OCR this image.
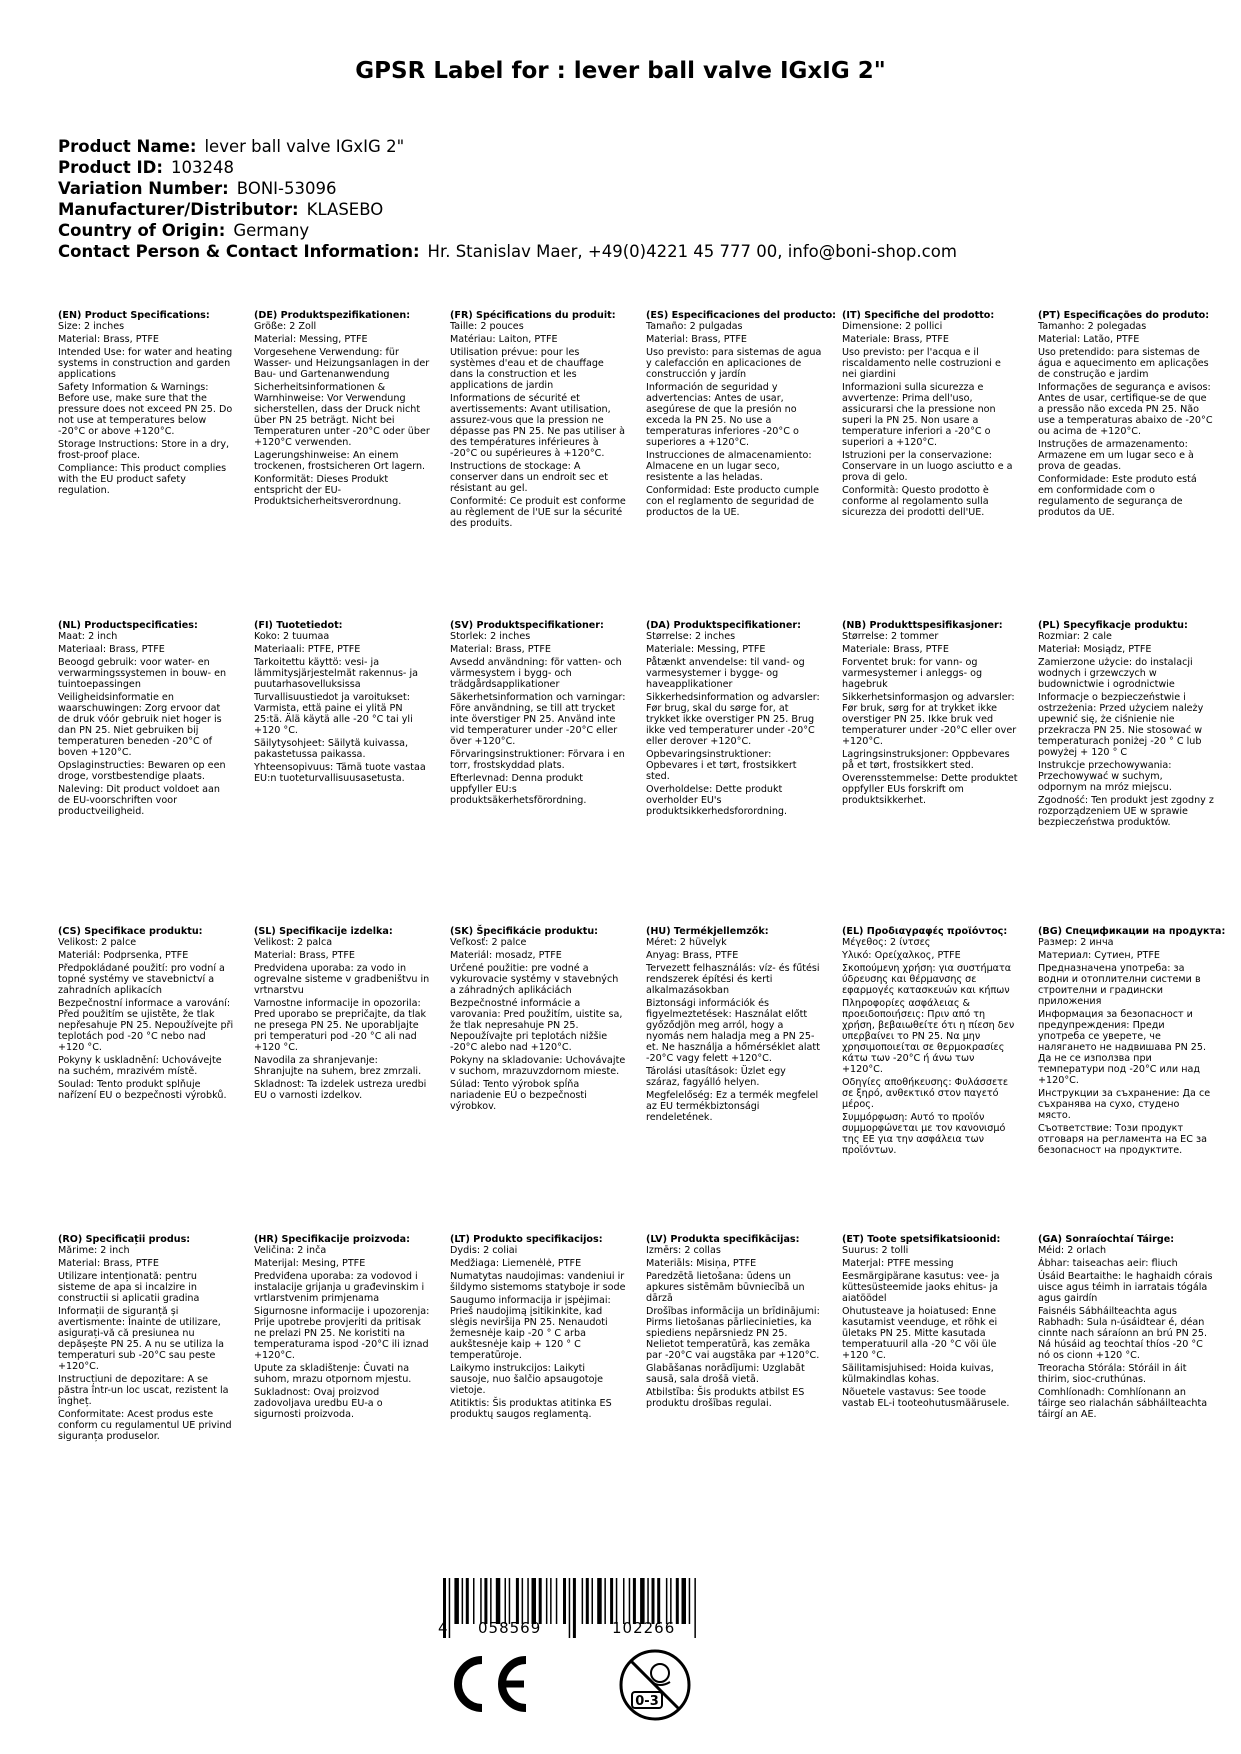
GPSR Label for : lever ball valve IGxIG 2"
Product Name: lever ball valve IGxIG 2"
Product ID: 103248
Variation Number: BONI-53096
Manufacturer/Distributor: KLASEBO
Country of Origin: Germany
Contact Person & Contact Information: Hr. Stanislav Maer, +49(0)4221 45 777 00, info@boni-shop.com
(EN) Product Specifications:

Size: 2 inches

Material: Brass, PTFE

Intended Use: for water and heating systems in construction and garden applications

Safety Information & Warnings: Before use, make sure that the pressure does not exceed PN 25. Do not use at temperatures below -20°C or above +120°C.

Storage Instructions: Store in a dry, frost-proof place.

Compliance: This product complies with the EU product safety regulation.

(DE) Produktspezifikationen:

Größe: 2 Zoll

Material: Messing, PTFE

Vorgesehene Verwendung: für Wasser- und Heizungsanlagen in der Bau- und Gartenanwendung

Sicherheitsinformationen & Warnhinweise: Vor Verwendung sicherstellen, dass der Druck nicht über PN 25 beträgt. Nicht bei Temperaturen unter -20°C oder über +120°C verwenden.

Lagerungshinweise: An einem trockenen, frostsicheren Ort lagern.

Konformität: Dieses Produkt entspricht der EU-Produktsicherheitsverordnung.

(FR) Spécifications du produit:

Taille: 2 pouces

Matériau: Laiton, PTFE

Utilisation prévue: pour les systèmes d'eau et de chauffage dans la construction et les applications de jardin

Informations de sécurité et avertissements: Avant utilisation, assurez-vous que la pression ne dépasse pas PN 25. Ne pas utiliser à des températures inférieures à -20°C ou supérieures à +120°C.

Instructions de stockage: A conserver dans un endroit sec et résistant au gel.

Conformité: Ce produit est conforme au règlement de l'UE sur la sécurité des produits.

(ES) Especificaciones del producto:

Tamaño: 2 pulgadas

Material: Brass, PTFE

Uso previsto: para sistemas de agua y calefacción en aplicaciones de construcción y jardín

Información de seguridad y advertencias: Antes de usar, asegúrese de que la presión no exceda la PN 25. No use a temperaturas inferiores -20°C o superiores a +120°C.

Instrucciones de almacenamiento: Almacene en un lugar seco, resistente a las heladas.

Conformidad: Este producto cumple con el reglamento de seguridad de productos de la UE.

(IT) Specifiche del prodotto:

Dimensione: 2 pollici

Materiale: Brass, PTFE

Uso previsto: per l'acqua e il riscaldamento nelle costruzioni e nei giardini

Informazioni sulla sicurezza e avvertenze: Prima dell'uso, assicurarsi che la pressione non superi la PN 25. Non usare a temperature inferiori a -20°C o superiori a +120°C.

Istruzioni per la conservazione: Conservare in un luogo asciutto e a prova di gelo.

Conformità: Questo prodotto è conforme al regolamento sulla sicurezza dei prodotti dell'UE.

(PT) Especificações do produto:

Tamanho: 2 polegadas

Material: Latão, PTFE

Uso pretendido: para sistemas de água e aquecimento em aplicações de construção e jardim

Informações de segurança e avisos: Antes de usar, certifique-se de que a pressão não exceda PN 25. Não use a temperaturas abaixo de -20°C ou acima de +120°C.

Instruções de armazenamento: Armazene em um lugar seco e à prova de geadas.

Conformidade: Este produto está em conformidade com o regulamento de segurança de produtos da UE.

(NL) Productspecificaties:

Maat: 2 inch

Materiaal: Brass, PTFE

Beoogd gebruik: voor water- en verwarmingssystemen in bouw- en tuintoepassingen

Veiligheidsinformatie en waarschuwingen: Zorg ervoor dat de druk vóór gebruik niet hoger is dan PN 25. Niet gebruiken bij temperaturen beneden -20°C of boven +120°C.

Opslaginstructies: Bewaren op een droge, vorstbestendige plaats.

Naleving: Dit product voldoet aan de EU-voorschriften voor productveiligheid.

(FI) Tuotetiedot:

Koko: 2 tuumaa

Materiaali: PTFE, PTFE

Tarkoitettu käyttö: vesi- ja lämmitysjärjestelmät rakennus- ja puutarhasovelluksissa

Turvallisuustiedot ja varoitukset: Varmista, että paine ei ylitä PN 25:tä. Älä käytä alle -20 °C tai yli +120 °C.

Säilytysohjeet: Säilytä kuivassa, pakastetussa paikassa.

Yhteensopivuus: Tämä tuote vastaa EU:n tuoteturvallisuusasetusta.

(SV) Produktspecifikationer:

Storlek: 2 inches

Material: Brass, PTFE

Avsedd användning: för vatten- och värmesystem i bygg- och trädgårdsapplikationer

Säkerhetsinformation och varningar: Före användning, se till att trycket inte överstiger PN 25. Använd inte vid temperaturer under -20°C eller över +120°C.

Förvaringsinstruktioner: Förvara i en torr, frostskyddad plats.

Efterlevnad: Denna produkt uppfyller EU:s produktsäkerhetsförordning.

(DA) Produktspecifikationer:

Størrelse: 2 inches

Materiale: Messing, PTFE

Påtænkt anvendelse: til vand- og varmesystemer i bygge- og haveapplikationer

Sikkerhedsinformation og advarsler: Før brug, skal du sørge for, at trykket ikke overstiger PN 25. Brug ikke ved temperaturer under -20°C eller derover +120°C.

Opbevaringsinstruktioner: Opbevares i et tørt, frostsikkert sted.

Overholdelse: Dette produkt overholder EU's produktsikkerhedsforordning.

(NB) Produkttspesifikasjoner:

Størrelse: 2 tommer

Materiale: Brass, PTFE

Forventet bruk: for vann- og varmesystemer i anleggs- og hagebruk

Sikkerhetsinformasjon og advarsler: Før bruk, sørg for at trykket ikke overstiger PN 25. Ikke bruk ved temperaturer under -20°C eller over +120°C.

Lagringsinstruksjoner: Oppbevares på et tørt, frostsikkert sted.

Overensstemmelse: Dette produktet oppfyller EUs forskrift om produktsikkerhet.

(PL) Specyfikacje produktu:

Rozmiar: 2 cale

Materiał: Mosiądz, PTFE

Zamierzone użycie: do instalacji wodnych i grzewczych w budownictwie i ogrodnictwie

Informacje o bezpieczeństwie i ostrzeżenia: Przed użyciem należy upewnić się, że ciśnienie nie przekracza PN 25. Nie stosować w temperaturach poniżej -20 ° C lub powyżej + 120 ° C

Instrukcje przechowywania: Przechowywać w suchym, odpornym na mróz miejscu.

Zgodność: Ten produkt jest zgodny z rozporządzeniem UE w sprawie bezpieczeństwa produktów.

(CS) Specifikace produktu:

Velikost: 2 palce

Materiál: Podprsenka, PTFE

Předpokládané použití: pro vodní a topné systémy ve stavebnictví a zahradních aplikacích

Bezpečnostní informace a varování: Před použitím se ujistěte, že tlak nepřesahuje PN 25. Nepoužívejte při teplotách pod -20 °C nebo nad +120 °C.

Pokyny k uskladnění: Uchovávejte na suchém, mrazivém místě.

Soulad: Tento produkt splňuje nařízení EU o bezpečnosti výrobků.

(SL) Specifikacije izdelka:

Velikost: 2 palca

Material: Brass, PTFE

Predvidena uporaba: za vodo in ogrevalne sisteme v gradbeništvu in vrtnarstvu

Varnostne informacije in opozorila: Pred uporabo se prepričajte, da tlak ne presega PN 25. Ne uporabljajte pri temperaturi pod -20 °C ali nad +120 °C.

Navodila za shranjevanje: Shranjujte na suhem, brez zmrzali.

Skladnost: Ta izdelek ustreza uredbi EU o varnosti izdelkov.

(SK) Špecifikácie produktu:

Veľkosť: 2 palce

Materiál: mosadz, PTFE

Určené použitie: pre vodné a vykurovacie systémy v stavebných a záhradných aplikáciách

Bezpečnostné informácie a varovania: Pred použitím, uistite sa, že tlak nepresahuje PN 25. Nepoužívajte pri teplotách nižšie -20°C alebo nad +120°C.

Pokyny na skladovanie: Uchovávajte v suchom, mrazuvzdornom mieste.

Súlad: Tento výrobok spĺňa nariadenie EÚ o bezpečnosti výrobkov.

(HU) Termékjellemzők:

Méret: 2 hüvelyk

Anyag: Brass, PTFE

Tervezett felhasználás: víz- és fűtési rendszerek építési és kerti alkalmazásokban

Biztonsági információk és figyelmeztetések: Használat előtt győződjön meg arról, hogy a nyomás nem haladja meg a PN 25-et. Ne használja a hőmérséklet alatt -20°C vagy felett +120°C.

Tárolási utasítások: Üzlet egy száraz, fagyálló helyen.

Megfelelőség: Ez a termék megfelel az EU termékbiztonsági rendeletének.

(EL) Προδιαγραφές προϊόντος:

Μέγεθος: 2 ίντσες

Υλικό: Ορείχαλκος, PTFE

Σκοπούμενη χρήση: για συστήματα ύδρευσης και θέρμανσης σε εφαρμογές κατασκευών και κήπων

Πληροφορίες ασφάλειας & προειδοποιήσεις: Πριν από τη χρήση, βεβαιωθείτε ότι η πίεση δεν υπερβαίνει το PN 25. Να μην χρησιμοποιείται σε θερμοκρασίες κάτω των -20°C ή άνω των +120°C.

Οδηγίες αποθήκευσης: Φυλάσσετε σε ξηρό, ανθεκτικό στον παγετό μέρος.

Συμμόρφωση: Αυτό το προϊόν συμμορφώνεται με τον κανονισμό της ΕΕ για την ασφάλεια των προϊόντων.

(BG) Спецификации на продукта:

Размер: 2 инча

Материал: Сутиен, PTFE

Предназначена употреба: за водни и отоплителни системи в строителни и градински приложения

Информация за безопасност и предупреждения: Преди употреба се уверете, че налягането не надвишава PN 25. Да не се използва при температури под -20°C или над +120°C.

Инструкции за съхранение: Да се съхранява на сухо, студено място.

Съответствие: Този продукт отговаря на регламента на ЕС за безопасност на продуктите.

(RO) Specificații produs:

Mărime: 2 inch

Material: Brass, PTFE

Utilizare intenționată: pentru sisteme de apa si incalzire in constructii si aplicatii gradina

Informații de siguranță și avertismente: Înainte de utilizare, asigurați-vă că presiunea nu depășește PN 25. A nu se utiliza la temperaturi sub -20°C sau peste +120°C.

Instrucțiuni de depozitare: A se păstra într-un loc uscat, rezistent la îngheț.

Conformitate: Acest produs este conform cu regulamentul UE privind siguranța produselor.

(HR) Specifikacije proizvoda:

Veličina: 2 inča

Materijal: Mesing, PTFE

Predviđena uporaba: za vodovod i instalacije grijanja u građevinskim i vrtlarstvenim primjenama

Sigurnosne informacije i upozorenja: Prije upotrebe provjeriti da pritisak ne prelazi PN 25. Ne koristiti na temperaturama ispod -20°C ili iznad +120°C.

Upute za skladištenje: Čuvati na suhom, mrazu otpornom mjestu.

Sukladnost: Ovaj proizvod zadovoljava uredbu EU-a o sigurnosti proizvoda.

(LT) Produkto specifikacijos:

Dydis: 2 coliai

Medžiaga: Liemenėlė, PTFE

Numatytas naudojimas: vandeniui ir šildymo sistemoms statyboje ir sode

Saugumo informacija ir įspėjimai: Prieš naudojimą įsitikinkite, kad slėgis neviršija PN 25. Nenaudoti žemesnėje kaip -20 ° C arba aukštesnėje kaip + 120 ° C temperatūroje.

Laikymo instrukcijos: Laikyti sausoje, nuo šalčio apsaugotoje vietoje.

Atitiktis: Šis produktas atitinka ES produktų saugos reglamentą.

(LV) Produkta specifikācijas:

Izmērs: 2 collas

Materiāls: Misiņa, PTFE

Paredzētā lietošana: ūdens un apkures sistēmām būvniecībā un dārzā

Drošības informācija un brīdinājumi: Pirms lietošanas pārliecinieties, ka spiediens nepārsniedz PN 25. Nelietot temperatūrā, kas zemāka par -20°C vai augstāka par +120°C.

Glabāšanas norādījumi: Uzglabāt sausā, sala drošā vietā.

Atbilstība: Šis produkts atbilst ES produktu drošības regulai.

(ET) Toote spetsifikatsioonid:

Suurus: 2 tolli

Materjal: PTFE messing

Eesmärgipärane kasutus: vee- ja küttesüsteemide jaoks ehitus- ja aiatöödel

Ohutusteave ja hoiatused: Enne kasutamist veenduge, et rõhk ei ületaks PN 25. Mitte kasutada temperatuuril alla -20 °C või üle +120 °C.

Säilitamisjuhised: Hoida kuivas, külmakindlas kohas.

Nõuetele vastavus: See toode vastab EL-i tooteohutusmäärusele.

(GA) Sonraíochtaí Táirge:

Méid: 2 orlach

Ábhar: taiseachas aeir: fliuch

Úsáid Beartaithe: le haghaidh córais uisce agus téimh in iarratais tógála agus gairdín

Faisnéis Sábháilteachta agus Rabhadh: Sula n-úsáidtear é, déan cinnte nach sáraíonn an brú PN 25. Ná húsáid ag teochtaí thíos -20 °C nó os cionn +120 °C.

Treoracha Stórála: Stóráil in áit thirim, sioc-cruthúnas.

Comhlíonadh: Comhlíonann an táirge seo rialachán sábháilteachta táirgí an AE.

4 058569	102266
0-3
